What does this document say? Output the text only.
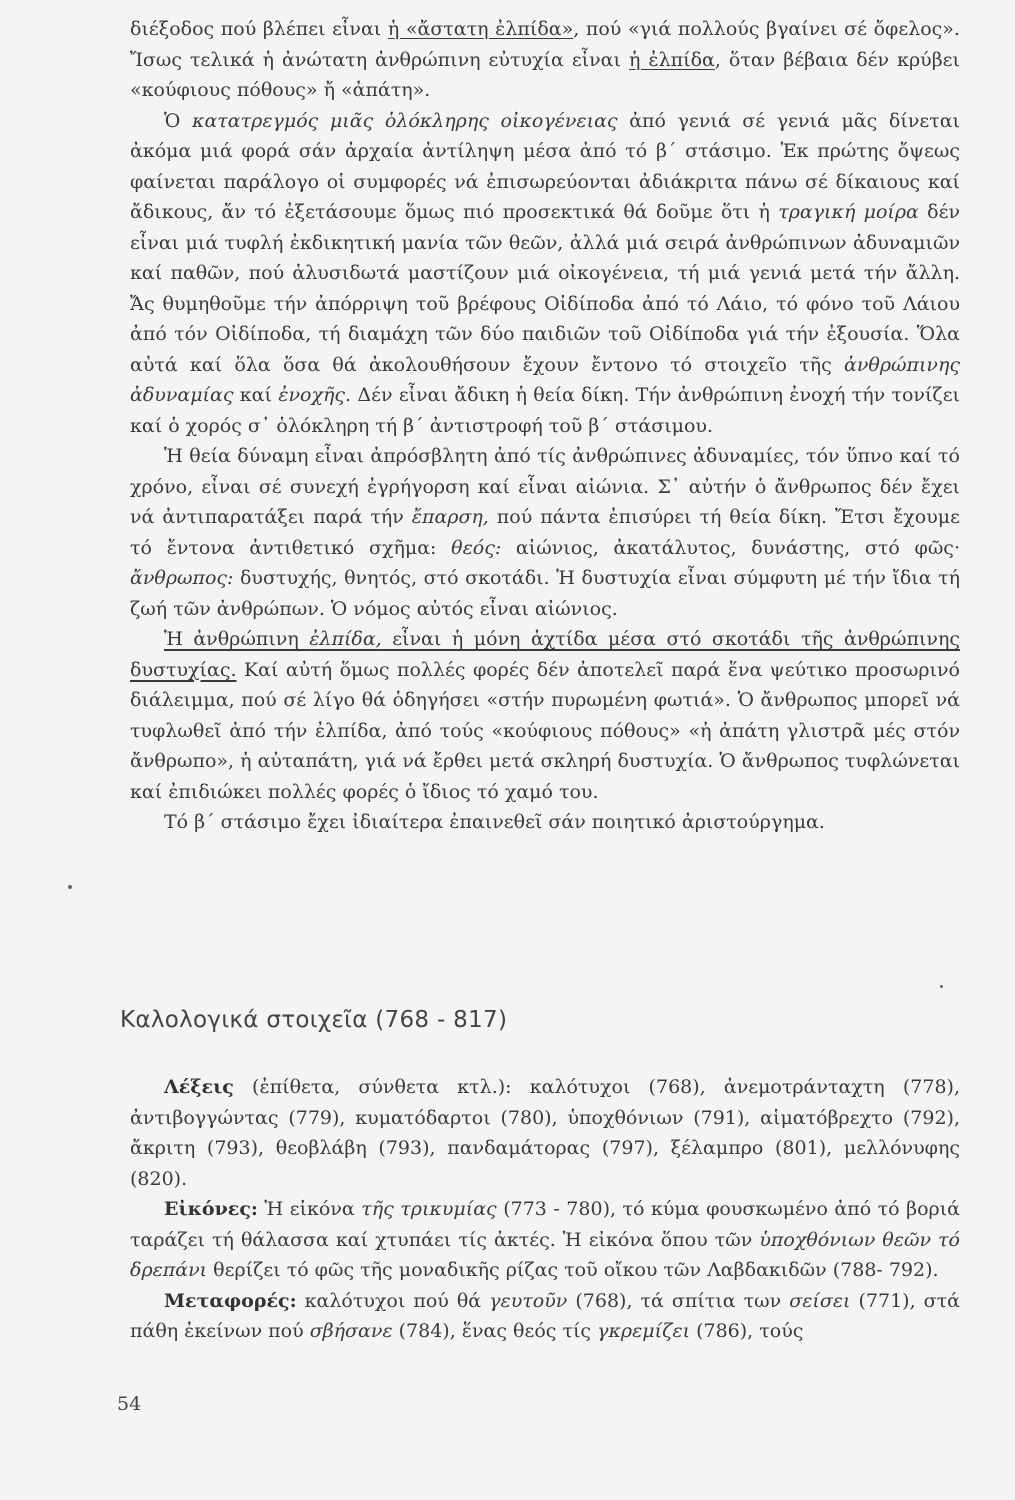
διέξοδος πού βλέπει εἶναι ἡ «ἄστατη ἐλπίδα», πού «γιά πολλούς βγαίνει σέ ὄφελος». Ἴσως τελικά ἡ ἀνώτατη ἀνθρώπινη εὐτυχία εἶναι ἡ ἐλπίδα, ὅταν βέβαια δέν κρύβει «κούφιους πόθους» ἤ «ἀπάτη».

Ὁ κατατρεγμός μιᾶς ὁλόκληρης οἰκογένειας ἀπό γενιά σέ γενιά μᾶς δίνεται ἀκόμα μιά φορά σάν ἀρχαία ἀντίληψη μέσα ἀπό τό β΄ στάσιμο. Ἐκ πρώτης ὄψεως φαίνεται παράλογο οἱ συμφορές νά ἐπισωρεύονται ἀδιάκριτα πάνω σέ δίκαιους καί ἄδικους, ἄν τό ἐξετάσουμε ὅμως πιό προσεκτικά θά δοῦμε ὅτι ἡ τραγική μοίρα δέν εἶναι μιά τυφλή ἐκδικητική μανία τῶν θεῶν, ἀλλά μιά σειρά ἀνθρώπινων ἀδυναμιῶν καί παθῶν, πού ἀλυσιδωτά μαστίζουν μιά οἰκογένεια, τή μιά γενιά μετά τήν ἄλλη. Ἄς θυμηθοῦμε τήν ἀπόρριψη τοῦ βρέφους Οἰδίποδα ἀπό τό Λάιο, τό φόνο τοῦ Λάιου ἀπό τόν Οἰδίποδα, τή διαμάχη τῶν δύο παιδιῶν τοῦ Οἰδίποδα γιά τήν ἐξουσία. Ὅλα αὐτά καί ὅλα ὅσα θά ἀκολουθήσουν ἔχουν ἔντονο τό στοιχεῖο τῆς ἀνθρώπινης ἀδυναμίας καί ἐνοχῆς. Δέν εἶναι ἄδικη ἡ θεία δίκη. Τήν ἀνθρώπινη ἐνοχή τήν τονίζει καί ὁ χορός σ᾿ ὁλόκληρη τή β΄ ἀντιστροφή τοῦ β΄ στάσιμου.

Ἡ θεία δύναμη εἶναι ἀπρόσβλητη ἀπό τίς ἀνθρώπινες ἀδυναμίες, τόν ὕπνο καί τό χρόνο, εἶναι σέ συνεχή ἐγρήγορση καί εἶναι αἰώνια. Σ᾿ αὐτήν ὁ ἄνθρωπος δέν ἔχει νά ἀντιπαρατάξει παρά τήν ἔπαρση, πού πάντα ἐπισύρει τή θεία δίκη. Ἔτσι ἔχουμε τό ἔντονα ἀντιθετικό σχῆμα: θεός: αἰώνιος, ἀκατάλυτος, δυνάστης, στό φῶς· ἄνθρωπος: δυστυχής, θνητός, στό σκοτάδι. Ἡ δυστυχία εἶναι σύμφυτη μέ τήν ἴδια τή ζωή τῶν ἀνθρώπων. Ὁ νόμος αὐτός εἶναι αἰώνιος.

Ἡ ἀνθρώπινη ἐλπίδα, εἶναι ἡ μόνη ἀχτίδα μέσα στό σκοτάδι τῆς ἀνθρώπινης δυστυχίας. Καί αὐτή ὅμως πολλές φορές δέν ἀποτελεῖ παρά ἕνα ψεύτικο προσωρινό διάλειμμα, πού σέ λίγο θά ὁδηγήσει «στήν πυρωμένη φωτιά». Ὁ ἄνθρωπος μπορεῖ νά τυφλωθεῖ ἀπό τήν ἐλπίδα, ἀπό τούς «κούφιους πόθους» «ἡ ἀπάτη γλιστρᾶ μές στόν ἄνθρωπο», ἡ αὐταπάτη, γιά νά ἔρθει μετά σκληρή δυστυχία. Ὁ ἄνθρωπος τυφλώνεται καί ἐπιδιώκει πολλές φορές ὁ ἴδιος τό χαμό του.

Τό β΄ στάσιμο ἔχει ἰδιαίτερα ἐπαινεθεῖ σάν ποιητικό ἀριστούργημα.

Καλολογικά στοιχεῖα (768 - 817)

Λέξεις (ἐπίθετα, σύνθετα κτλ.): καλότυχοι (768), ἀνεμοτράνταχτη (778), ἀντιβογγώντας (779), κυματόδαρτοι (780), ὑποχθόνιων (791), αἱματόβρεχτο (792), ἄκριτη (793), θεοβλάβη (793), πανδαμάτορας (797), ξέλαμπρο (801), μελλόνυφης (820).

Εἰκόνες: Ἡ εἰκόνα τῆς τρικυμίας (773 - 780), τό κύμα φουσκωμένο ἀπό τό βοριά ταράζει τή θάλασσα καί χτυπάει τίς ἀκτές. Ἡ εἰκόνα ὅπου τῶν ὑποχθόνιων θεῶν τό δρεπάνι θερίζει τό φῶς τῆς μοναδικῆς ρίζας τοῦ οἴκου τῶν Λαβδακιδῶν (788- 792).

Μεταφορές: καλότυχοι πού θά γευτοῦν (768), τά σπίτια των σείσει (771), στά πάθη ἐκείνων πού σβήσανε (784), ἕνας θεός τίς γκρεμίζει (786), τούς

54
